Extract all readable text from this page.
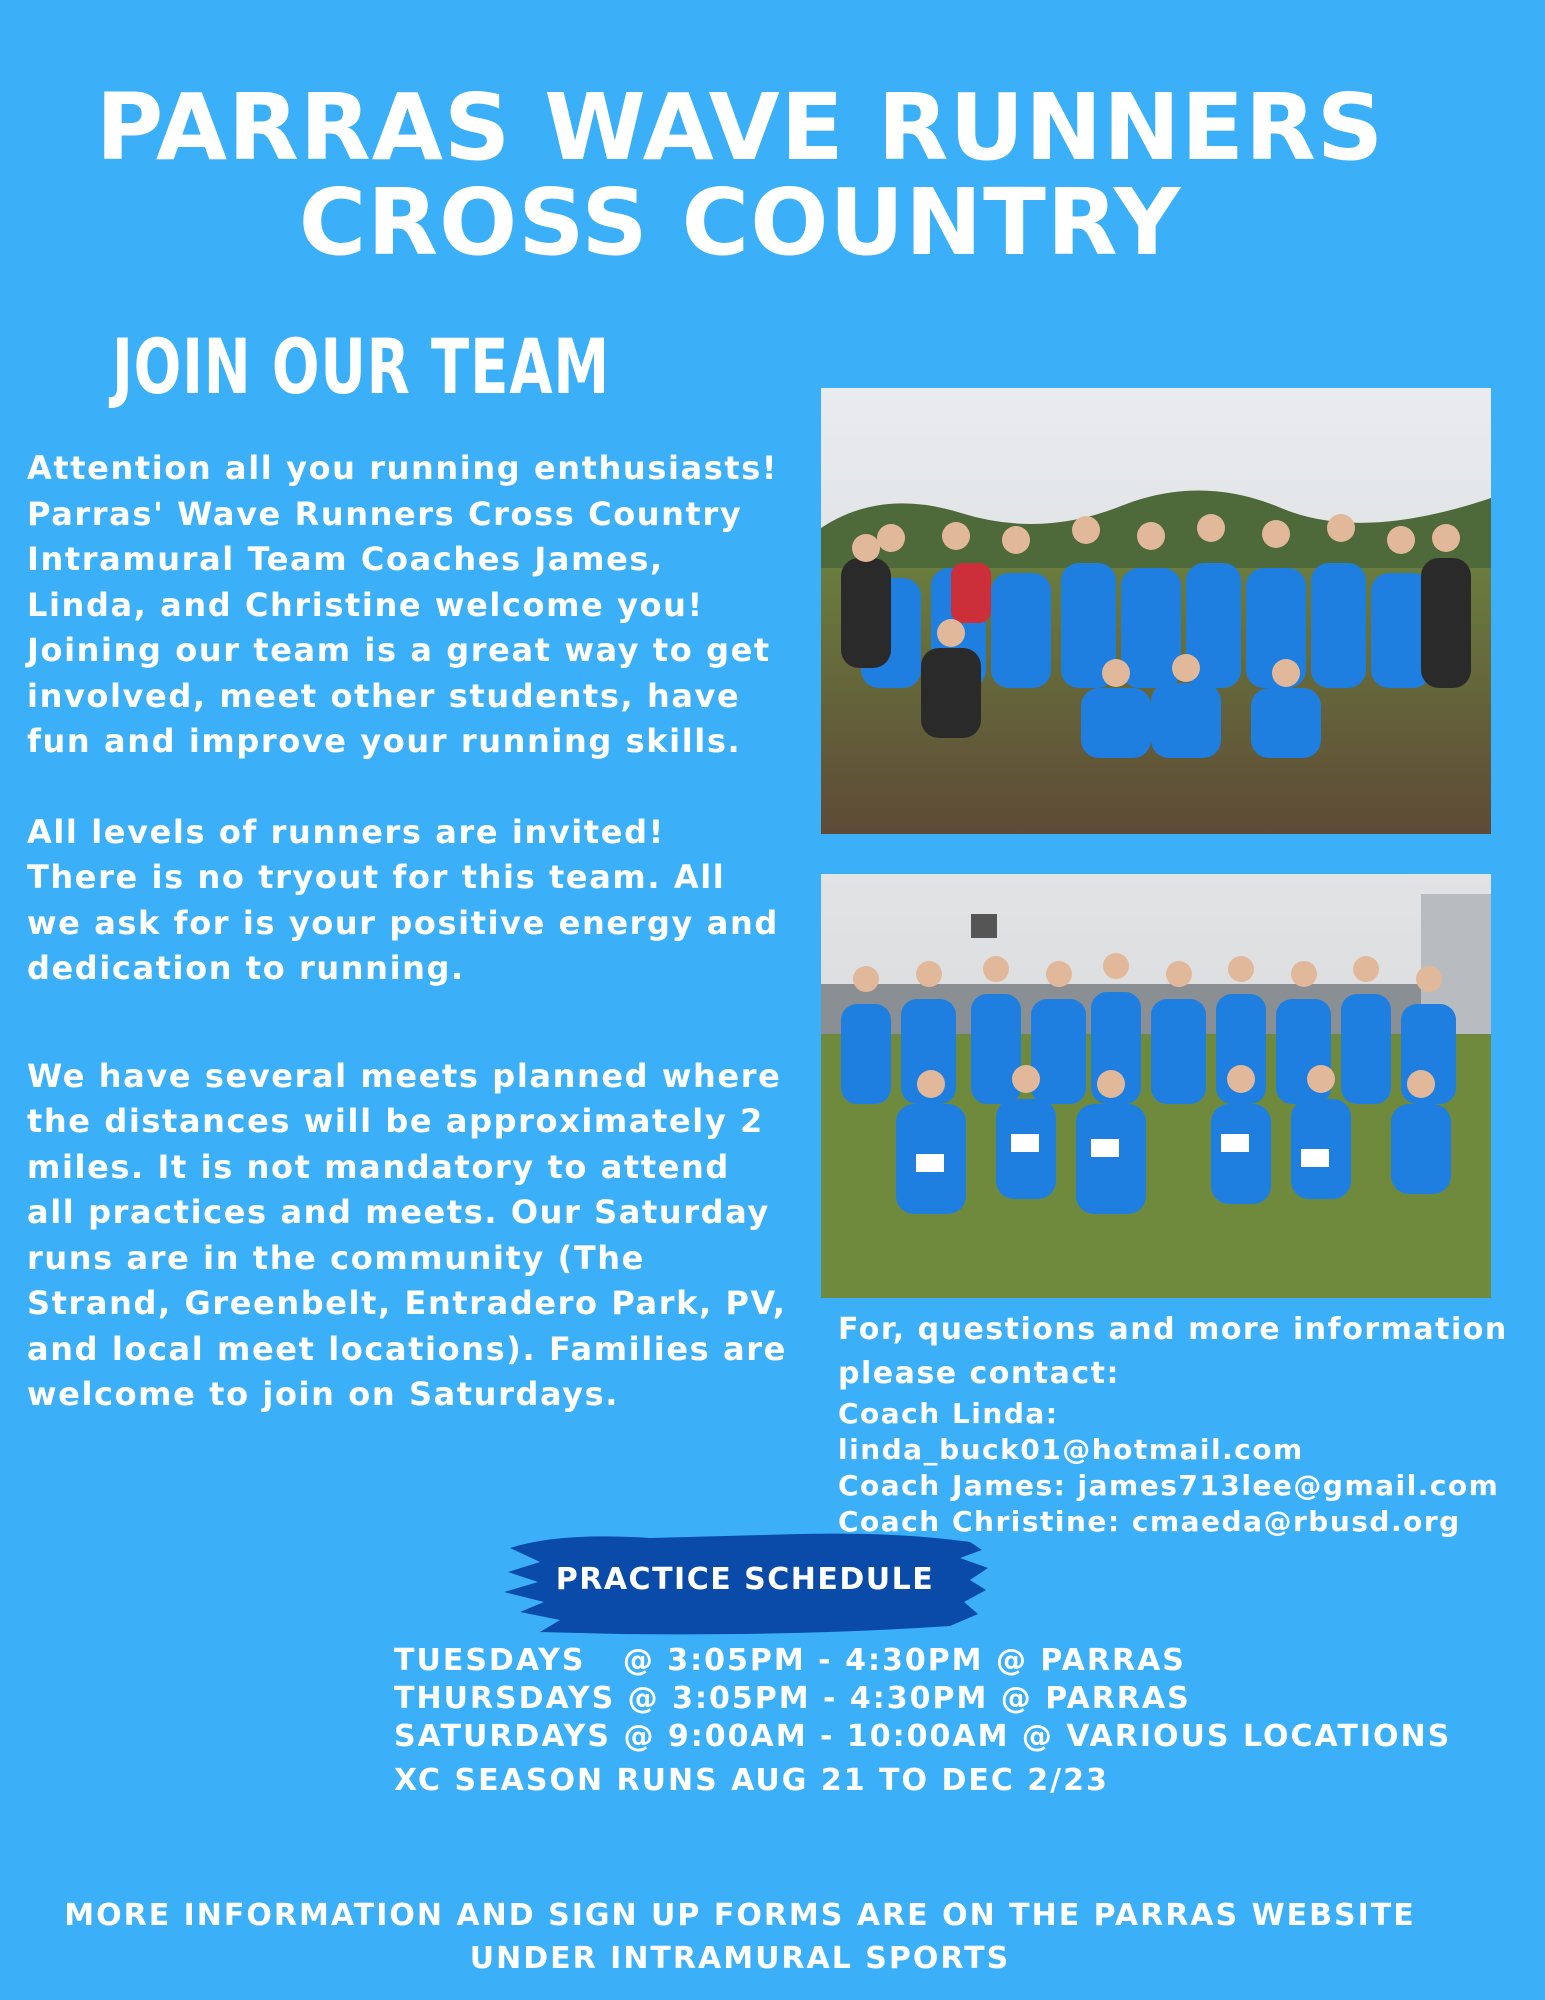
PARRAS WAVE RUNNERS
CROSS COUNTRY
JOIN OUR TEAM

Attention all you running enthusiasts! Parras' Wave Runners Cross Country Intramural Team Coaches James, Linda, and Christine welcome you! Joining our team is a great way to get involved, meet other students, have fun and improve your running skills.

All levels of runners are invited! There is no tryout for this team. All we ask for is your positive energy and dedication to running.

We have several meets planned where the distances will be approximately 2 miles. It is not mandatory to attend all practices and meets. Our Saturday runs are in the community (The Strand, Greenbelt, Entradero Park, PV, and local meet locations). Families are welcome to join on Saturdays.

For, questions and more information
please contact:
Coach Linda: linda_buck01@hotmail.com
Coach James: james713lee@gmail.com
Coach Christine: cmaeda@rbusd.org
PRACTICE SCHEDULE
TUESDAYS   @ 3:05PM - 4:30PM @ PARRAS
THURSDAYS @ 3:05PM - 4:30PM @ PARRAS
SATURDAYS @ 9:00AM - 10:00AM @ VARIOUS LOCATIONS
XC SEASON RUNS AUG 21 TO DEC 2/23
MORE INFORMATION AND SIGN UP FORMS ARE ON THE PARRAS WEBSITE
UNDER INTRAMURAL SPORTS
